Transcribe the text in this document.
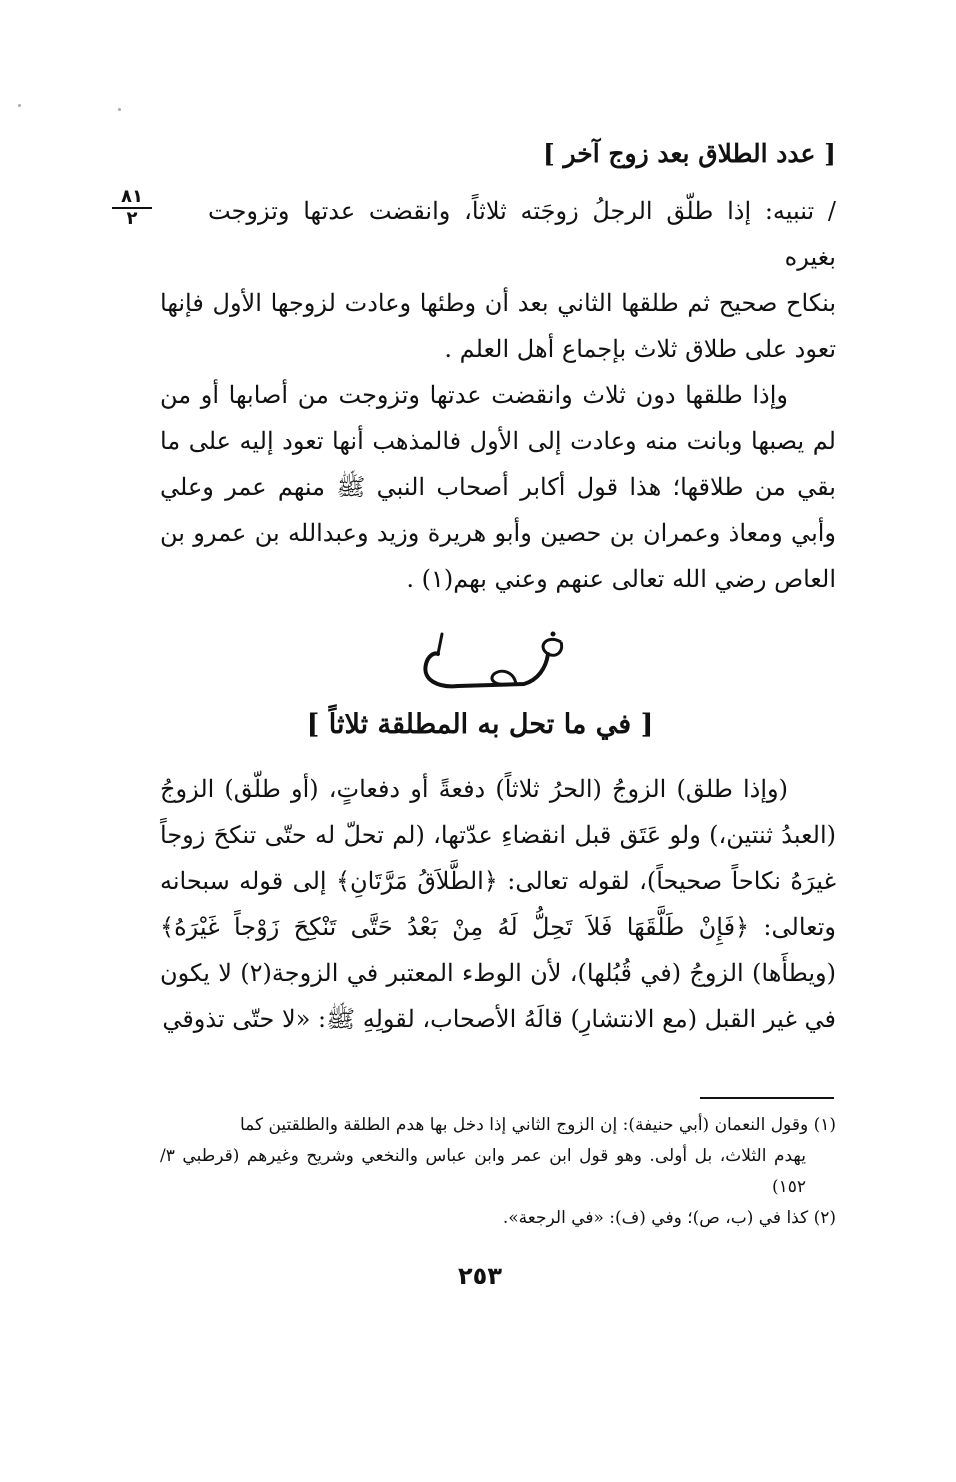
[ عدد الطلاق بعد زوج آخر ]
٨١
٢	/ تنبيه: إذا طلّق الرجلُ زوجَته ثلاثاً، وانقضت عدتها وتزوجت بغيره

بنكاح صحيح ثم طلقها الثاني بعد أن وطئها وعادت لزوجها الأول فإنها تعود على طلاق ثلاث بإجماع أهل العلم .

وإذا طلقها دون ثلاث وانقضت عدتها وتزوجت من أصابها أو من لم يصبها وبانت منه وعادت إلى الأول فالمذهب أنها تعود إليه على ما بقي من طلاقها؛ هذا قول أكابر أصحاب النبي ﷺ منهم عمر وعلي وأبي ومعاذ وعمران بن حصين وأبو هريرة وزيد وعبدالله بن عمرو بن العاص رضي الله تعالى عنهم وعني بهم(١) .

[ في ما تحل به المطلقة ثلاثاً ]

(وإذا طلق) الزوجُ (الحرُ ثلاثاً) دفعةً أو دفعاتٍ، (أو طلّق) الزوجُ (العبدُ ثنتين،) ولو عَتَق قبل انقضاءِ عدّتها، (لم تحلّ له حتّى تنكحَ زوجاً غيرَهُ نكاحاً صحيحاً)، لقوله تعالى: ﴿الطَّلاَقُ مَرَّتَانِ﴾ إلى قوله سبحانه وتعالى: ﴿فَإِنْ طَلَّقَهَا فَلاَ تَحِلُّ لَهُ مِنْ بَعْدُ حَتَّى تَنْكِحَ زَوْجاً غَيْرَهُ﴾ (ويطأَها) الزوجُ (في قُبُلها)، لأن الوطء المعتبر في الزوجة(٢) لا يكون في غير القبل (مع الانتشارِ) قالَهُ الأصحاب، لقولِهِ ﷺ: «لا حتّى تذوقي

(١) وقول النعمان (أبي حنيفة): إن الزوج الثاني إذا دخل بها هدم الطلقة والطلقتين كما
يهدم الثلاث، بل أولى. وهو قول ابن عمر وابن عباس والنخعي وشريح وغيرهم (قرطبي ٣/ ١٥٢)

(٢) كذا في (ب، ص)؛ وفي (ف): «في الرجعة».

٢٥٣
